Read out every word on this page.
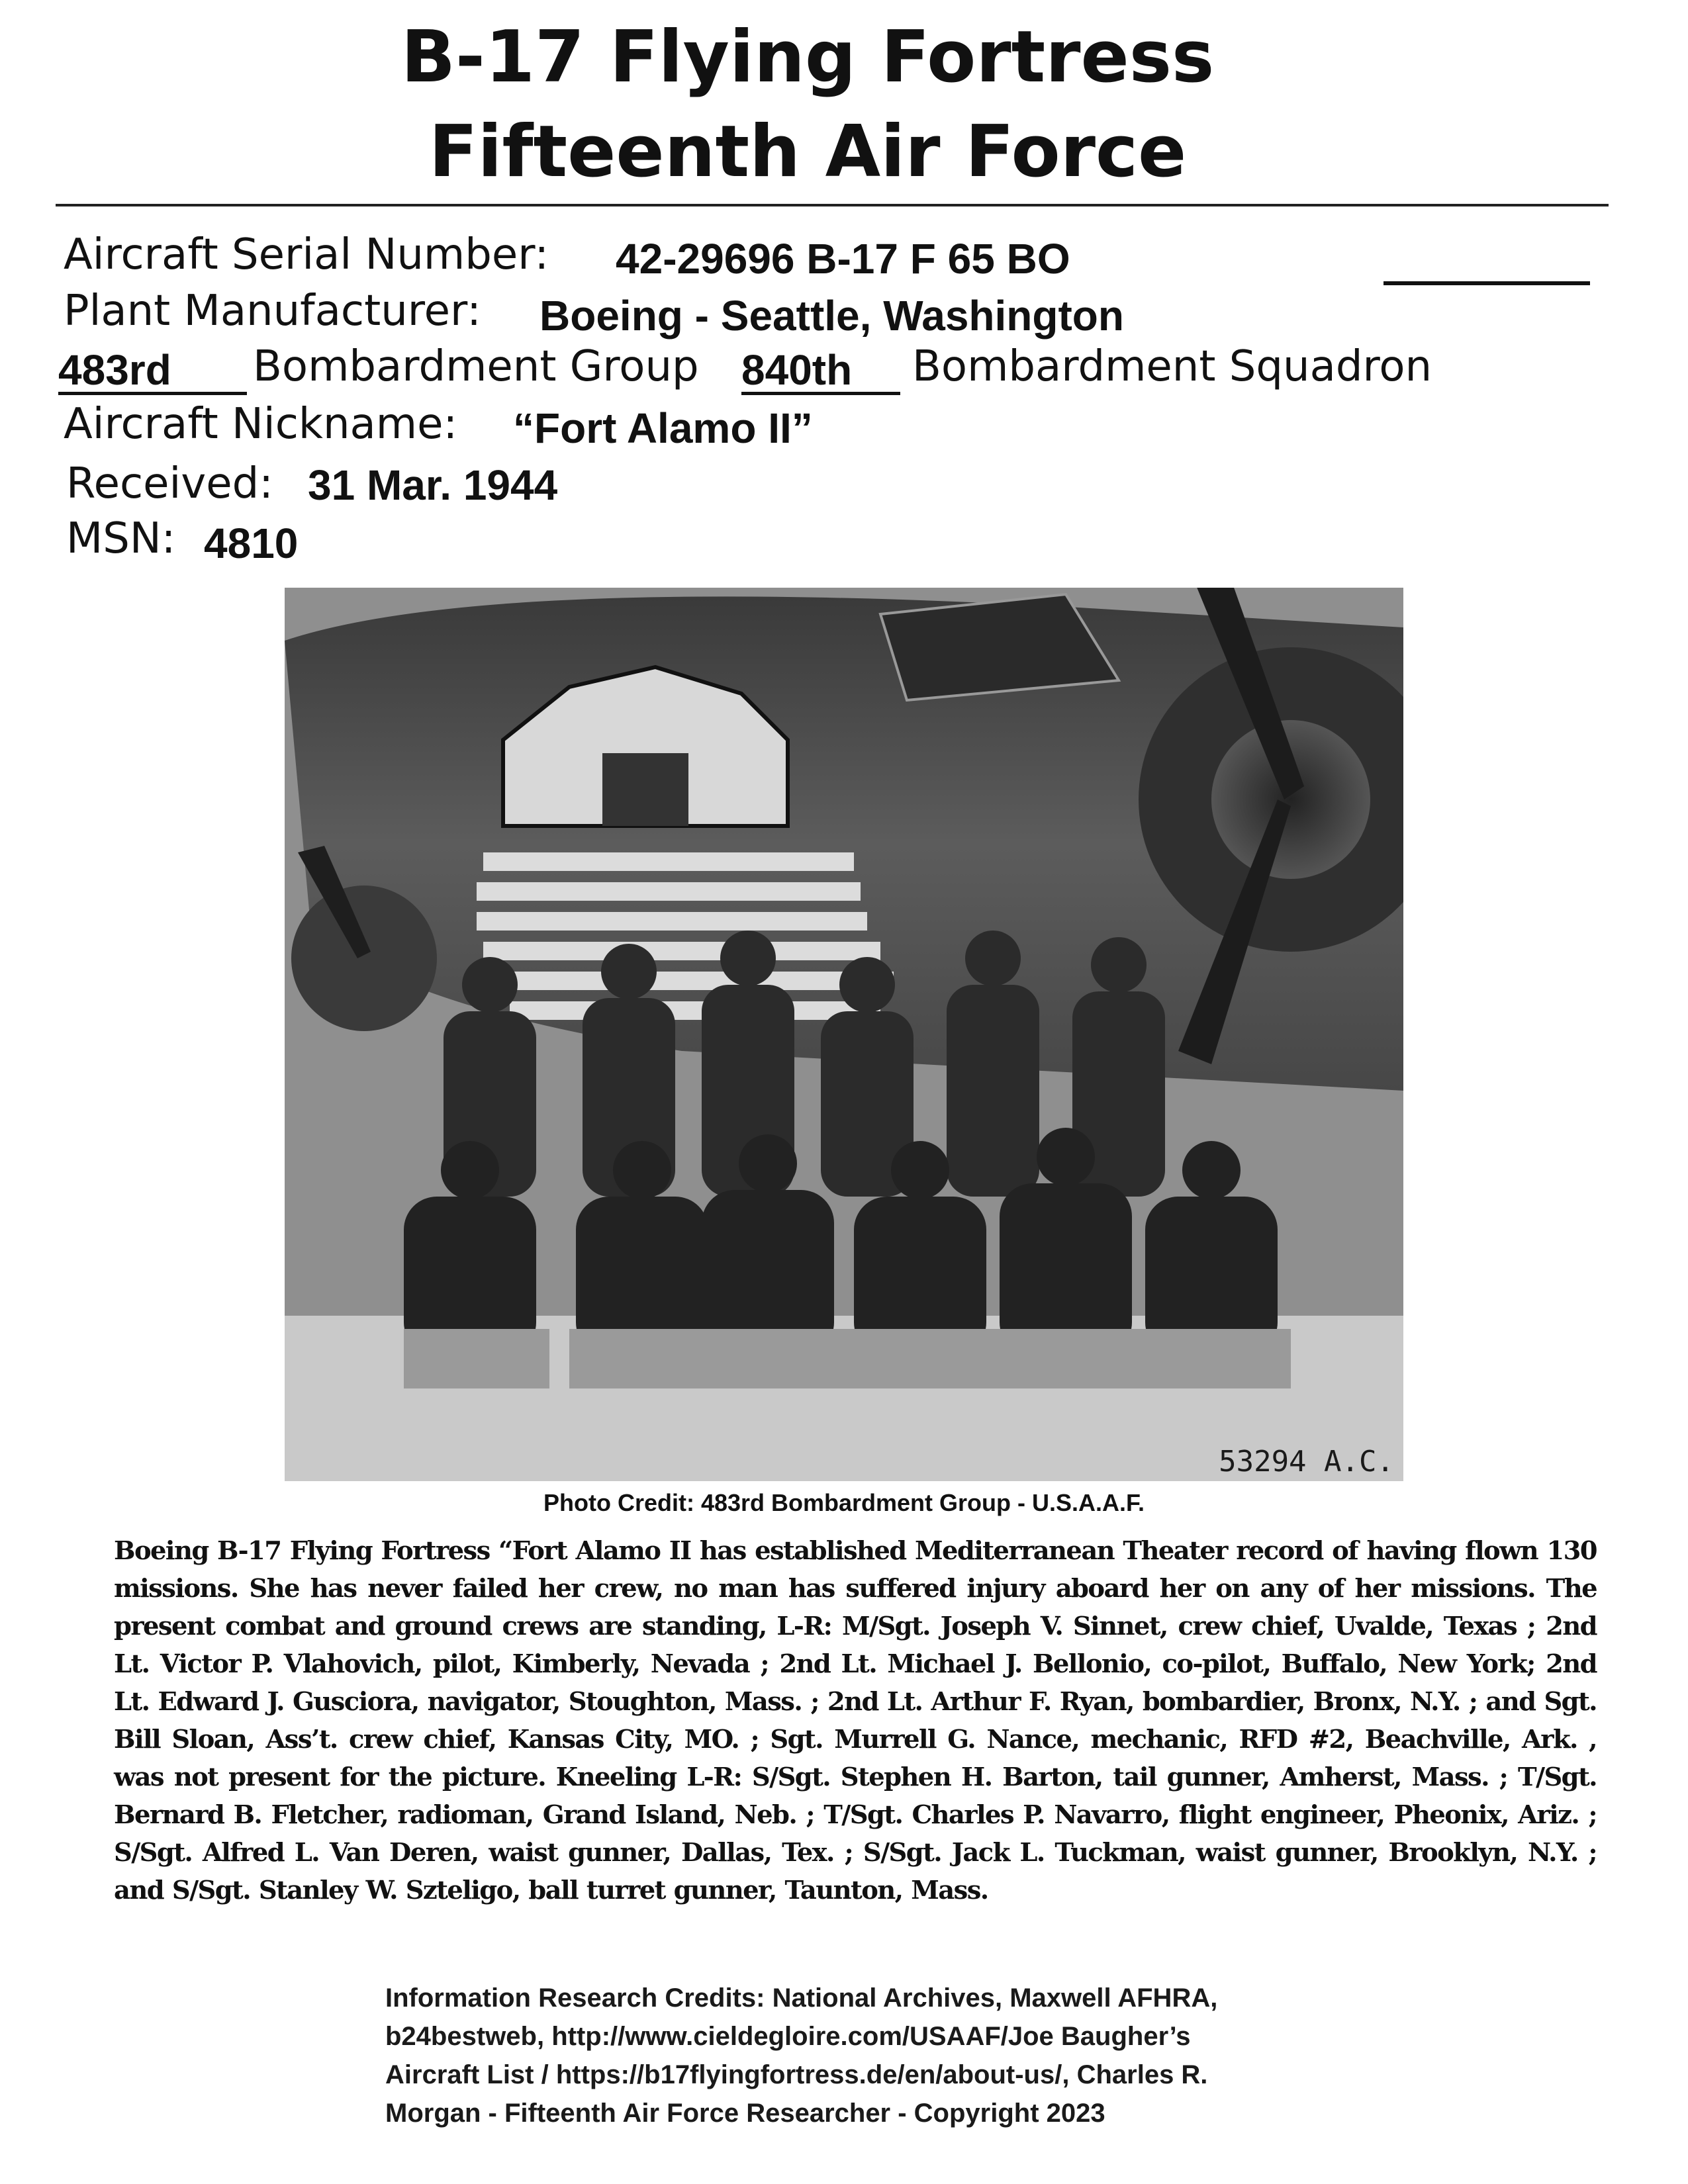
B-17 Flying Fortress
Fifteenth Air Force
Aircraft Serial Number: 42-29696 B-17 F 65 BO
Plant Manufacturer: Boeing - Seattle, Washington
483rd	Bombardment Group 840th	Bombardment Squadron
Aircraft Nickname: “Fort Alamo II”
Received: 31 Mar. 1944
MSN: 4810
53294 A.C.
Photo Credit: 483rd Bombardment Group - U.S.A.A.F.
Boeing B-17 Flying Fortress “Fort Alamo II has established Mediterranean Theater record of having flown 130 missions. She has never failed her crew, no man has suffered injury aboard her on any of her missions. The present combat and ground crews are standing, L-R: M/Sgt. Joseph V. Sinnet, crew chief, Uvalde, Texas ; 2nd Lt. Victor P. Vlahovich, pilot, Kimberly, Nevada ; 2nd Lt. Michael J. Bellonio, co-pilot, Buffalo, New York; 2nd Lt. Edward J. Gusciora, navigator, Stoughton, Mass. ; 2nd Lt. Arthur F. Ryan, bombardier, Bronx, N.Y. ; and Sgt. Bill Sloan, Ass’t. crew chief, Kansas City, MO. ; Sgt. Murrell G. Nance, mechanic, RFD #2, Beachville, Ark. , was not present for the picture. Kneeling L-R: S/Sgt. Stephen H. Barton, tail gunner, Amherst, Mass. ; T/Sgt. Bernard B. Fletcher, radioman, Grand Island, Neb. ; T/Sgt. Charles P. Navarro, flight engineer, Pheonix, Ariz. ; S/Sgt. Alfred L. Van Deren, waist gunner, Dallas, Tex. ; S/Sgt. Jack L. Tuckman, waist gunner, Brooklyn, N.Y. ; and S/Sgt. Stanley W. Szteligo, ball turret gunner, Taunton, Mass.
Information Research Credits: National Archives, Maxwell AFHRA,
b24bestweb, http://www.cieldegloire.com/USAAF/Joe Baugher’s
Aircraft List / https://b17flyingfortress.de/en/about-us/, Charles R.
Morgan - Fifteenth Air Force Researcher - Copyright 2023
